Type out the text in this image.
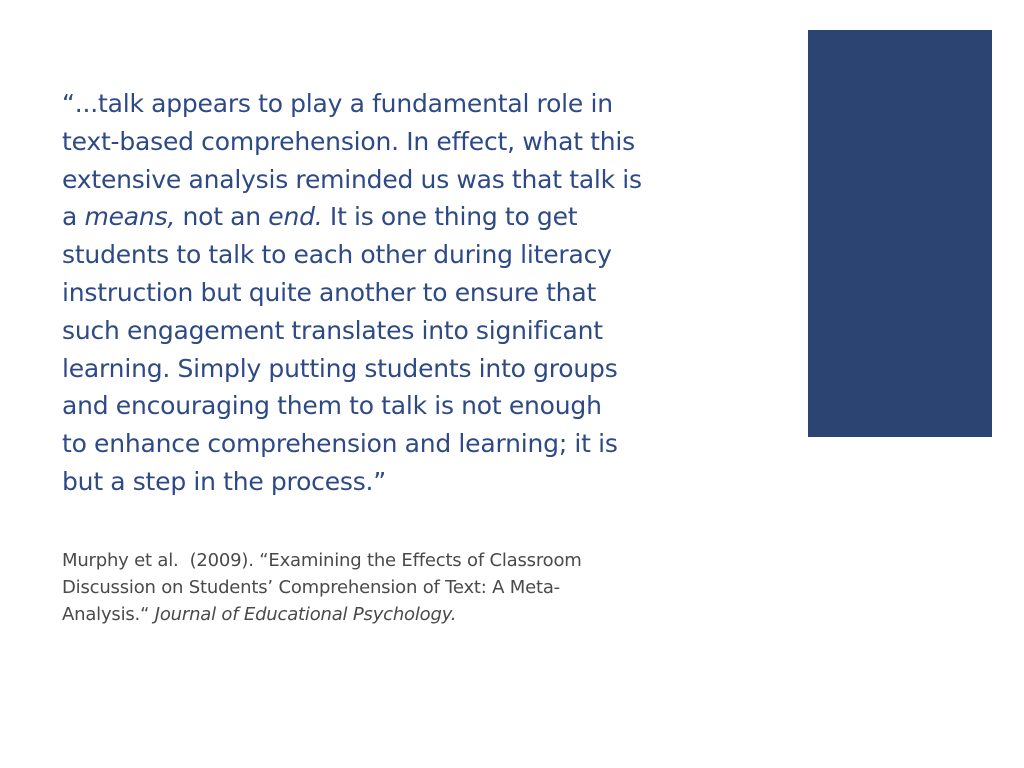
“...talk appears to play a fundamental role in
text-based comprehension. In effect, what this
extensive analysis reminded us was that talk is
a means, not an end. It is one thing to get
students to talk to each other during literacy
instruction but quite another to ensure that
such engagement translates into significant
learning. Simply putting students into groups
and encouraging them to talk is not enough
to enhance comprehension and learning; it is
but a step in the process.”

Murphy et al.  (2009). “Examining the Effects of Classroom
Discussion on Students’ Comprehension of Text: A Meta-
Analysis.“ Journal of Educational Psychology.
